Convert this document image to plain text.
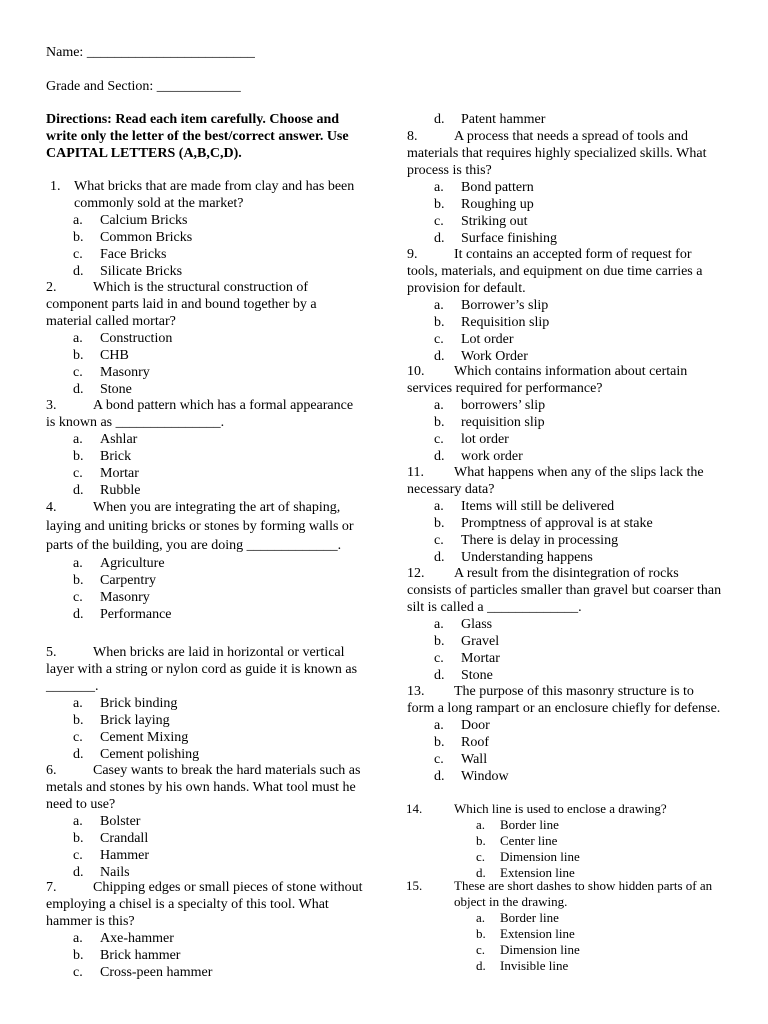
Name: ________________________
Grade and Section: ____________
Directions: Read each item carefully. Choose and write only the letter of the best/correct answer. Use CAPITAL LETTERS (A,B,C,D).
1. What bricks that are made from clay and has been commonly sold at the market?
a. Calcium Bricks
b. Common Bricks
c. Face Bricks
d. Silicate Bricks
2.	Which is the structural construction of component parts laid in and bound together by a material called mortar?
a. Construction
b. CHB
c. Masonry
d. Stone
3.	A bond pattern which has a formal appearance is known as _______________.
a. Ashlar
b. Brick
c. Mortar
d. Rubble
4.	When you are integrating the art of shaping, laying and uniting bricks or stones by forming walls or parts of the building, you are doing _____________.
a. Agriculture
b. Carpentry
c. Masonry
d. Performance
5.	When bricks are laid in horizontal or vertical layer with a string or nylon cord as guide it is known as _______.
a. Brick binding
b. Brick laying
c. Cement Mixing
d. Cement polishing
6.	Casey wants to break the hard materials such as metals and stones by his own hands. What tool must he need to use?
a. Bolster
b. Crandall
c. Hammer
d. Nails
d. Patent hammer
7.	Chipping edges or small pieces of stone without employing a chisel is a specialty of this tool. What hammer is this?
a. Axe-hammer
b. Brick hammer
c. Cross-peen hammer
8.	A process that needs a spread of tools and materials that requires highly specialized skills. What process is this?
a. Bond pattern
b. Roughing up
c. Striking out
d. Surface finishing
9.	It contains an accepted form of request for tools, materials, and equipment on due time carries a provision for default.
a. Borrower’s slip
b. Requisition slip
c. Lot order
d. Work Order
10. Which contains information about certain services required for performance?
a. borrowers’ slip
b. requisition slip
c. lot order
d. work order
11. What happens when any of the slips lack the necessary data?
a. Items will still be delivered
b. Promptness of approval is at stake
c. There is delay in processing
d. Understanding happens
12. A result from the disintegration of rocks consists of particles smaller than gravel but coarser than silt is called a _____________.
a. Glass
b. Gravel
c. Mortar
d. Stone
13. The purpose of this masonry structure is to form a long rampart or an enclosure chiefly for defense.
a. Door
b. Roof
c. Wall
d. Window
14. Which line is used to enclose a drawing?
a. Border line
b. Center line
c. Dimension line
d. Extension line
15. These are short dashes to show hidden parts of an object in the drawing.
a. Border line
b. Extension line
c. Dimension line
d. Invisible line
